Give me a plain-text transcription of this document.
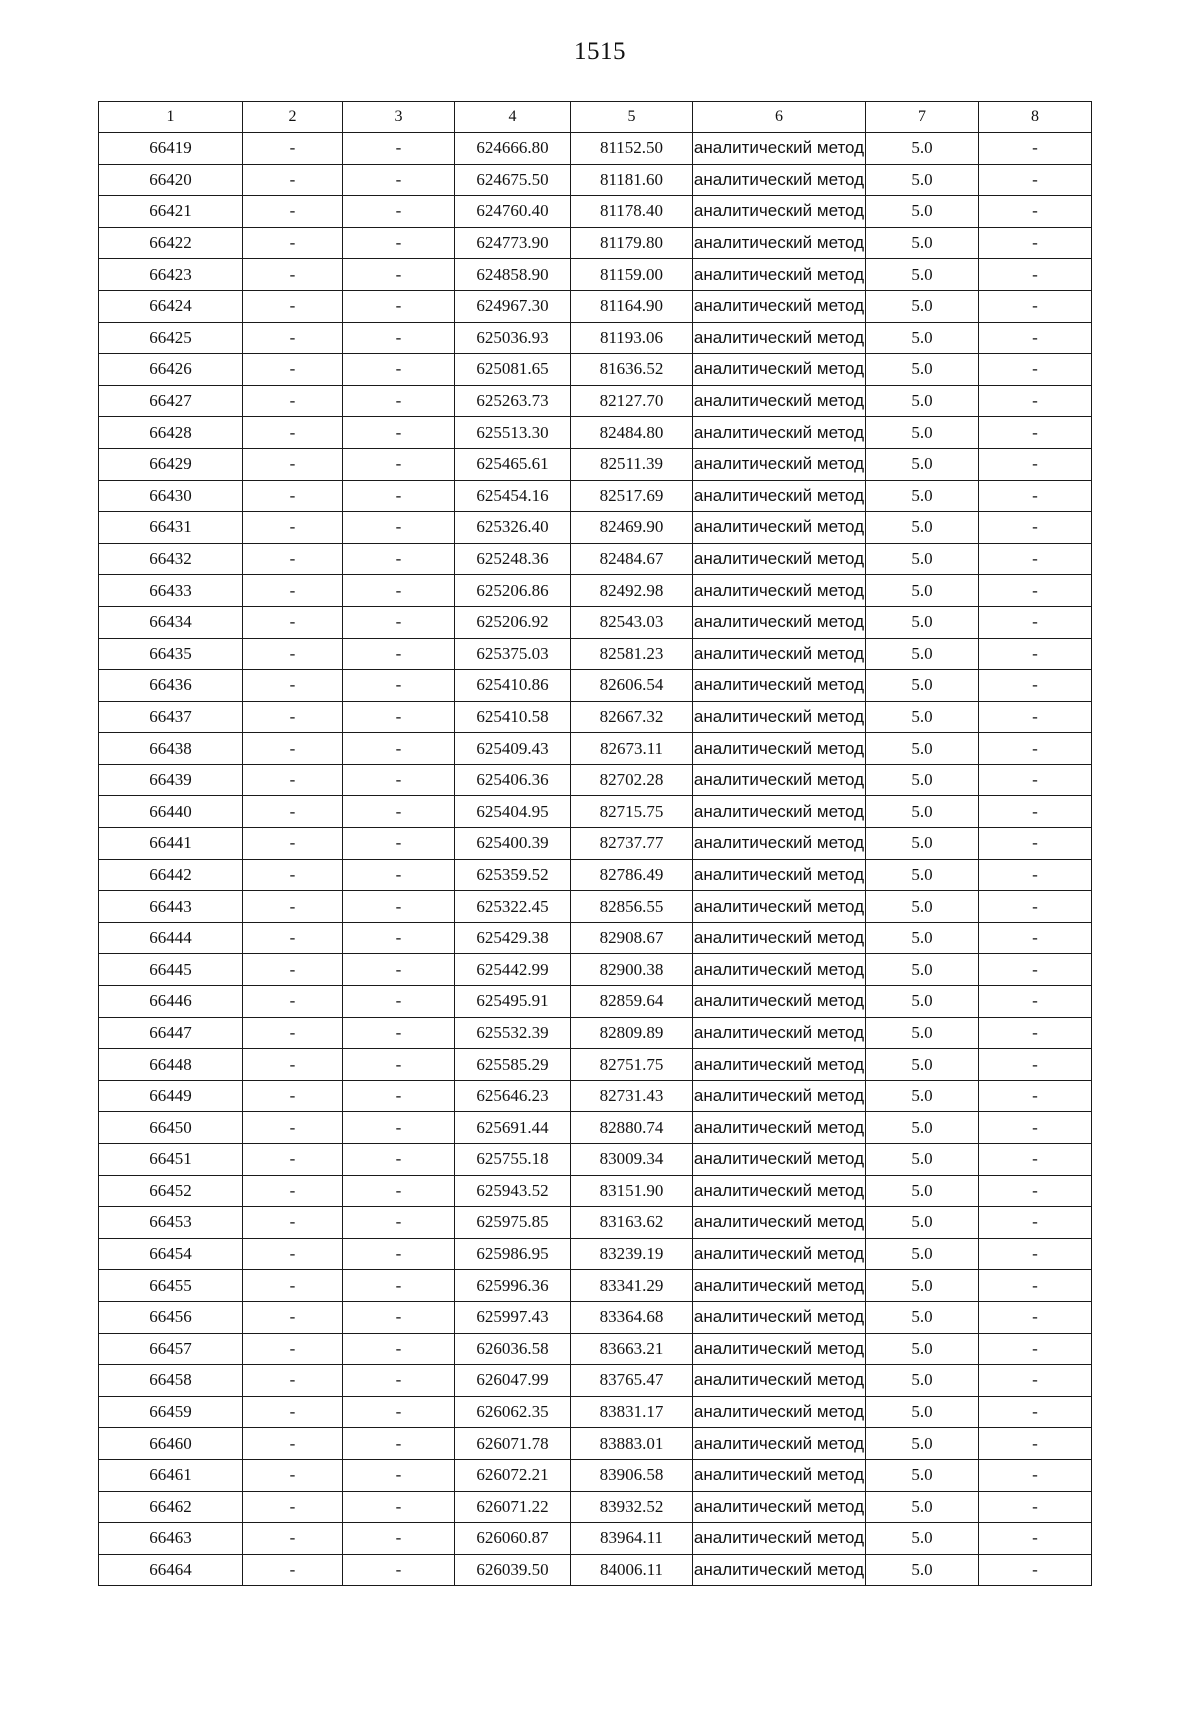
1515
1	2	3	4	5	6	7	8
66419	-	-	624666.80	81152.50	аналитический метод	5.0	-
66420	-	-	624675.50	81181.60	аналитический метод	5.0	-
66421	-	-	624760.40	81178.40	аналитический метод	5.0	-
66422	-	-	624773.90	81179.80	аналитический метод	5.0	-
66423	-	-	624858.90	81159.00	аналитический метод	5.0	-
66424	-	-	624967.30	81164.90	аналитический метод	5.0	-
66425	-	-	625036.93	81193.06	аналитический метод	5.0	-
66426	-	-	625081.65	81636.52	аналитический метод	5.0	-
66427	-	-	625263.73	82127.70	аналитический метод	5.0	-
66428	-	-	625513.30	82484.80	аналитический метод	5.0	-
66429	-	-	625465.61	82511.39	аналитический метод	5.0	-
66430	-	-	625454.16	82517.69	аналитический метод	5.0	-
66431	-	-	625326.40	82469.90	аналитический метод	5.0	-
66432	-	-	625248.36	82484.67	аналитический метод	5.0	-
66433	-	-	625206.86	82492.98	аналитический метод	5.0	-
66434	-	-	625206.92	82543.03	аналитический метод	5.0	-
66435	-	-	625375.03	82581.23	аналитический метод	5.0	-
66436	-	-	625410.86	82606.54	аналитический метод	5.0	-
66437	-	-	625410.58	82667.32	аналитический метод	5.0	-
66438	-	-	625409.43	82673.11	аналитический метод	5.0	-
66439	-	-	625406.36	82702.28	аналитический метод	5.0	-
66440	-	-	625404.95	82715.75	аналитический метод	5.0	-
66441	-	-	625400.39	82737.77	аналитический метод	5.0	-
66442	-	-	625359.52	82786.49	аналитический метод	5.0	-
66443	-	-	625322.45	82856.55	аналитический метод	5.0	-
66444	-	-	625429.38	82908.67	аналитический метод	5.0	-
66445	-	-	625442.99	82900.38	аналитический метод	5.0	-
66446	-	-	625495.91	82859.64	аналитический метод	5.0	-
66447	-	-	625532.39	82809.89	аналитический метод	5.0	-
66448	-	-	625585.29	82751.75	аналитический метод	5.0	-
66449	-	-	625646.23	82731.43	аналитический метод	5.0	-
66450	-	-	625691.44	82880.74	аналитический метод	5.0	-
66451	-	-	625755.18	83009.34	аналитический метод	5.0	-
66452	-	-	625943.52	83151.90	аналитический метод	5.0	-
66453	-	-	625975.85	83163.62	аналитический метод	5.0	-
66454	-	-	625986.95	83239.19	аналитический метод	5.0	-
66455	-	-	625996.36	83341.29	аналитический метод	5.0	-
66456	-	-	625997.43	83364.68	аналитический метод	5.0	-
66457	-	-	626036.58	83663.21	аналитический метод	5.0	-
66458	-	-	626047.99	83765.47	аналитический метод	5.0	-
66459	-	-	626062.35	83831.17	аналитический метод	5.0	-
66460	-	-	626071.78	83883.01	аналитический метод	5.0	-
66461	-	-	626072.21	83906.58	аналитический метод	5.0	-
66462	-	-	626071.22	83932.52	аналитический метод	5.0	-
66463	-	-	626060.87	83964.11	аналитический метод	5.0	-
66464	-	-	626039.50	84006.11	аналитический метод	5.0	-
